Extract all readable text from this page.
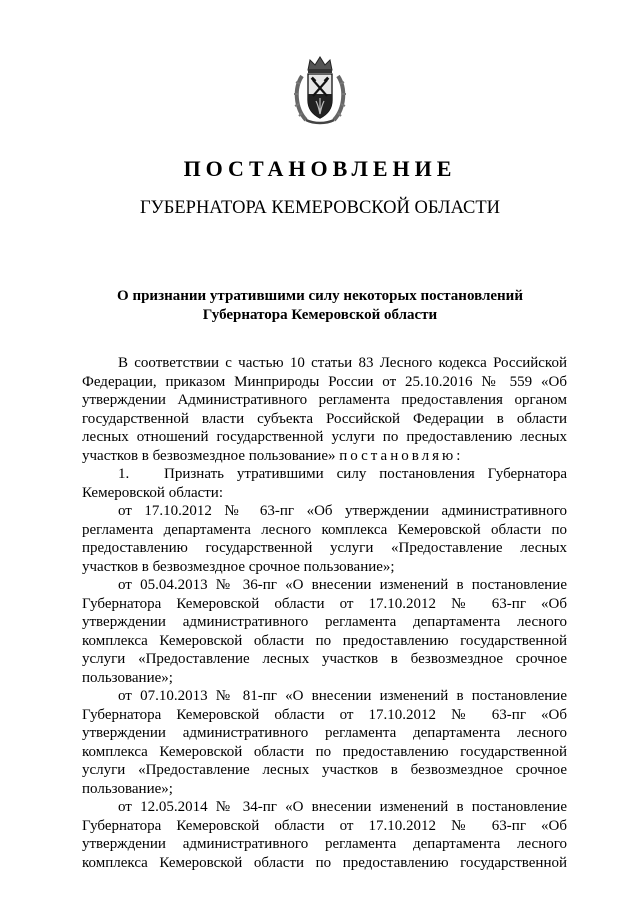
ПОСТАНОВЛЕНИЕ
ГУБЕРНАТОРА КЕМЕРОВСКОЙ ОБЛАСТИ
О признании утратившими силу некоторых постановлений
Губернатора Кемеровской области
В соответствии с частью 10 статьи 83 Лесного кодекса Российской
Федерации, приказом Минприроды России от 25.10.2016 № 559 «Об
утверждении Административного регламента предоставления органом
государственной власти субъекта Российской Федерации в области
лесных отношений государственной услуги по предоставлению лесных
участков в безвозмездное пользование» постановляю:
1. Признать утратившими силу постановления Губернатора
Кемеровской области:
от 17.10.2012 № 63-пг «Об утверждении административного
регламента департамента лесного комплекса Кемеровской области по
предоставлению государственной услуги «Предоставление лесных
участков в безвозмездное срочное пользование»;
от 05.04.2013 № 36-пг «О внесении изменений в постановление
Губернатора Кемеровской области от 17.10.2012 № 63-пг «Об
утверждении административного регламента департамента лесного
комплекса Кемеровской области по предоставлению государственной
услуги «Предоставление лесных участков в безвозмездное срочное
пользование»;
от 07.10.2013 № 81-пг «О внесении изменений в постановление
Губернатора Кемеровской области от 17.10.2012 № 63-пг «Об
утверждении административного регламента департамента лесного
комплекса Кемеровской области по предоставлению государственной
услуги «Предоставление лесных участков в безвозмездное срочное
пользование»;
от 12.05.2014 № 34-пг «О внесении изменений в постановление
Губернатора Кемеровской области от 17.10.2012 № 63-пг «Об
утверждении административного регламента департамента лесного
комплекса Кемеровской области по предоставлению государственной
